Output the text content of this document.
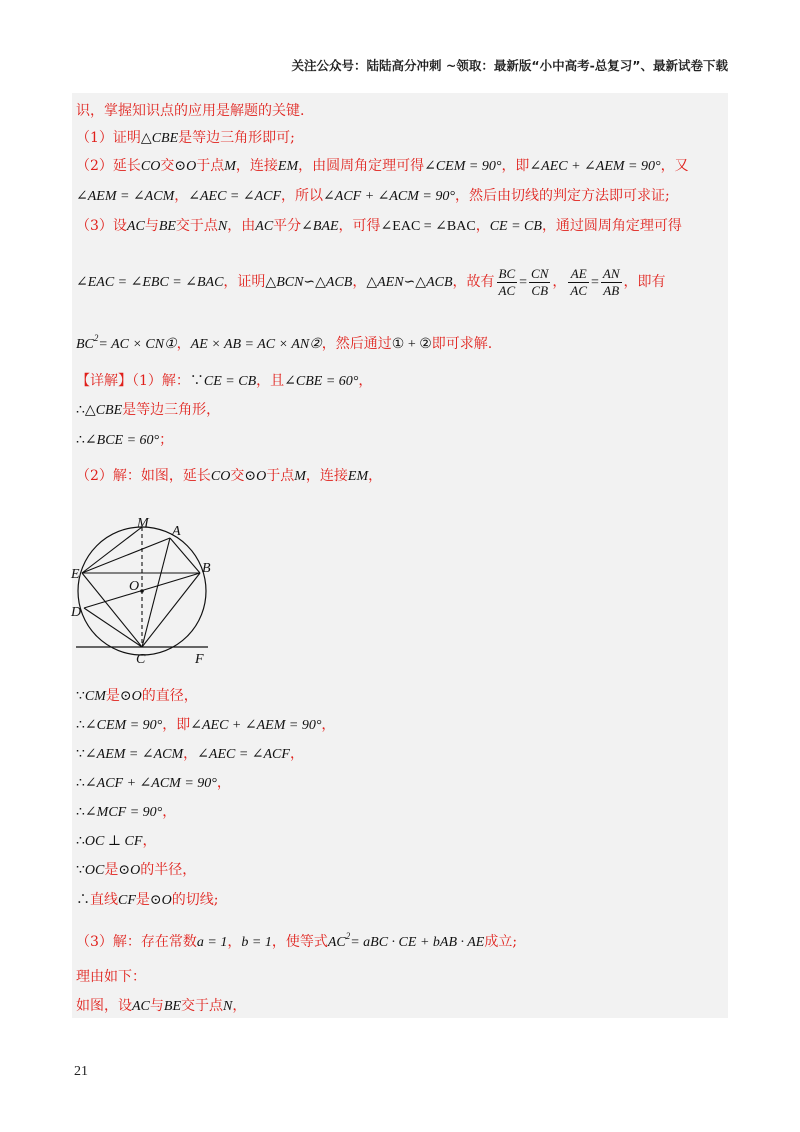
关注公众号：陆陆高分冲刺 ~领取：最新版“小中高考-总复习”、最新试卷下载
识，掌握知识点的应用是解题的关键.
（1）证明△CBE是等边三角形即可;
（2）延长CO交⊙O于点M，连接EM，由圆周角定理可得∠CEM = 90°，即∠AEC + ∠AEM = 90°，又
∠AEM = ∠ACM，∠AEC = ∠ACF，所以∠ACF + ∠ACM = 90°，然后由切线的判定方法即可求证;
（3）设AC与BE交于点N，由AC平分∠BAE，可得∠EAC = ∠BAC，CE = CB，通过圆周角定理可得
∠EAC = ∠EBC = ∠BAC，证明△BCN∽△ACB，△AEN∽△ACB，故有 $\frac{BC}{AC} = \frac{CN}{CB}$ ， $\frac{AE}{AC} = \frac{AN}{AB}$ ，即有
$BC^2=$ AC × CN①，AE × AB = AC × AN②，然后通过① + ②即可求解.
【详解】（1）解：∵CE = CB，且∠CBE = 60°，
∴△CBE是等边三角形，
∴∠BCE = 60°；
（2）解：如图，延长CO交⊙O于点M，连接EM，
M
A
E	B
O
D
C	F
∵CM是⊙O的直径，
∴∠CEM = 90°，即∠AEC + ∠AEM = 90°，
∵∠AEM = ∠ACM，∠AEC = ∠ACF，
∴∠ACF + ∠ACM = 90°，
∴∠MCF = 90°，
∴OC ⊥ CF，
∵OC是⊙O的半径，
∴直线CF是⊙O的切线;
（3）解：存在常数a = 1，b = 1，使等式$AC^2=$ aBC · CE + bAB · AE成立;
理由如下：
如图，设AC与BE交于点N，
21
